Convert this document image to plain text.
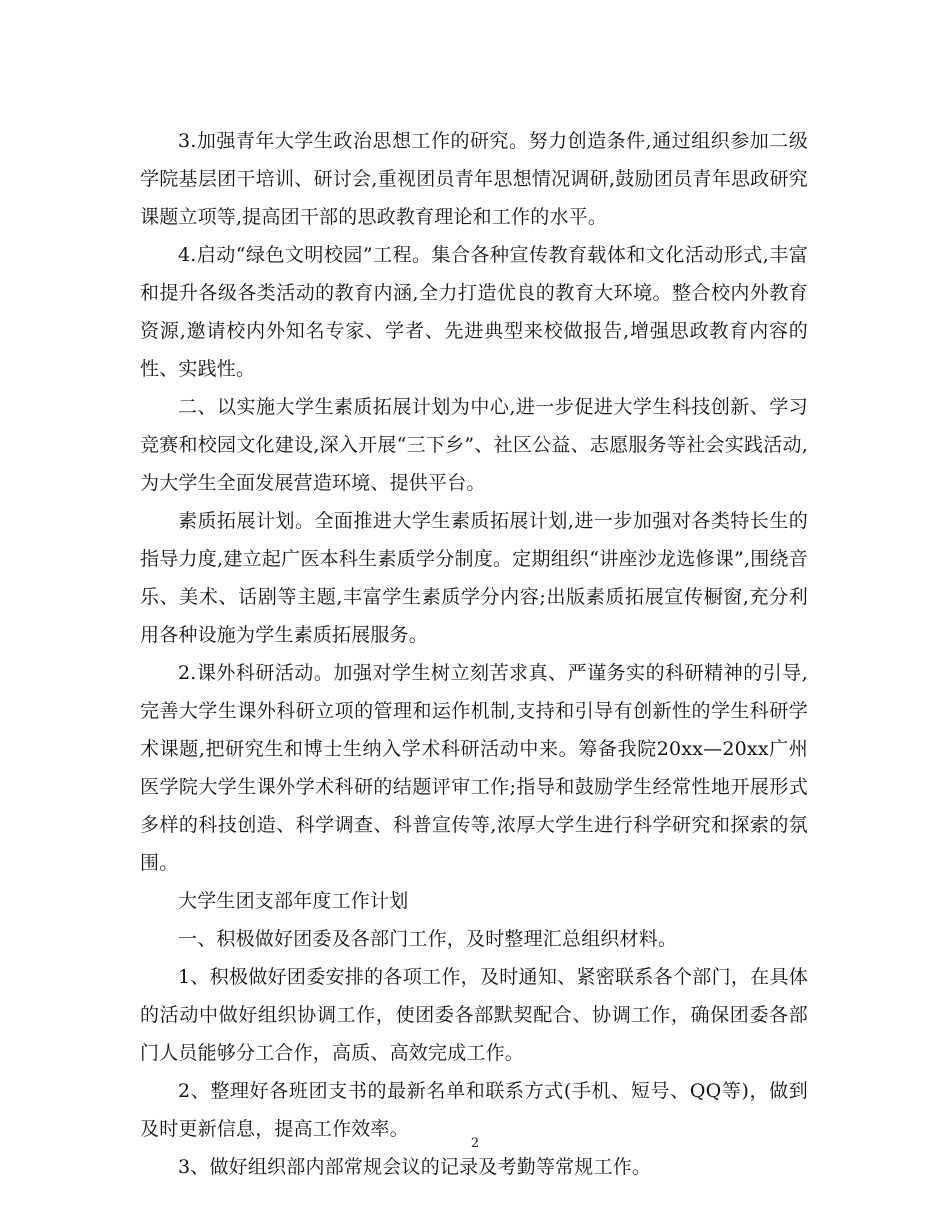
3.加强青年大学生政治思想工作的研究。努力创造条件,通过组织参加二级学院基层团干培训、研讨会,重视团员青年思想情况调研,鼓励团员青年思政研究课题立项等,提高团干部的思政教育理论和工作的水平。

4.启动“绿色文明校园”工程。集合各种宣传教育载体和文化活动形式,丰富和提升各级各类活动的教育内涵,全力打造优良的教育大环境。整合校内外教育资源,邀请校内外知名专家、学者、先进典型来校做报告,增强思政教育内容的性、实践性。

二、以实施大学生素质拓展计划为中心,进一步促进大学生科技创新、学习竞赛和校园文化建设,深入开展“三下乡”、社区公益、志愿服务等社会实践活动,为大学生全面发展营造环境、提供平台。

素质拓展计划。全面推进大学生素质拓展计划,进一步加强对各类特长生的指导力度,建立起广医本科生素质学分制度。定期组织“讲座沙龙选修课”,围绕音乐、美术、话剧等主题,丰富学生素质学分内容;出版素质拓展宣传橱窗,充分利用各种设施为学生素质拓展服务。

2.课外科研活动。加强对学生树立刻苦求真、严谨务实的科研精神的引导,完善大学生课外科研立项的管理和运作机制,支持和引导有创新性的学生科研学术课题,把研究生和博士生纳入学术科研活动中来。筹备我院20xx—20xx广州医学院大学生课外学术科研的结题评审工作;指导和鼓励学生经常性地开展形式多样的科技创造、科学调查、科普宣传等,浓厚大学生进行科学研究和探索的氛围。

大学生团支部年度工作计划

一、积极做好团委及各部门工作，及时整理汇总组织材料。

1、积极做好团委安排的各项工作，及时通知、紧密联系各个部门，在具体的活动中做好组织协调工作，使团委各部默契配合、协调工作，确保团委各部门人员能够分工合作，高质、高效完成工作。

2、整理好各班团支书的最新名单和联系方式(手机、短号、QQ等)，做到及时更新信息，提高工作效率。

3、做好组织部内部常规会议的记录及考勤等常规工作。

2
